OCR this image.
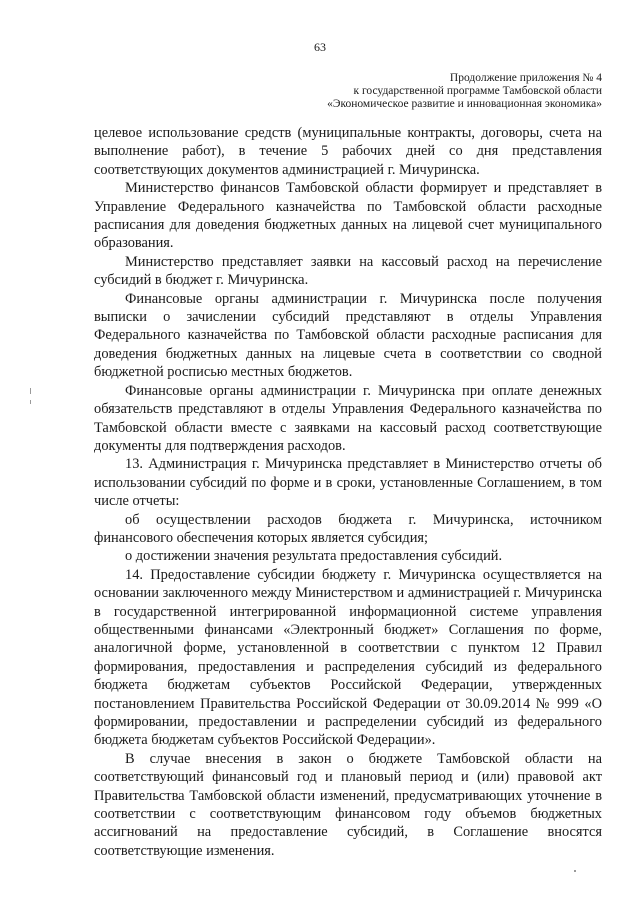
63
Продолжение приложения № 4
к государственной программе Тамбовской области
«Экономическое развитие и инновационная экономика»

целевое использование средств (муниципальные контракты, договоры, счета на выполнение работ), в течение 5 рабочих дней со дня представления соответствующих документов администрацией г. Мичуринска.

Министерство финансов Тамбовской области формирует и представляет в Управление Федерального казначейства по Тамбовской области расходные расписания для доведения бюджетных данных на лицевой счет муниципального образования.

Министерство представляет заявки на кассовый расход на перечисление субсидий в бюджет г. Мичуринска.

Финансовые органы администрации г. Мичуринска после получения выписки о зачислении субсидий представляют в отделы Управления Федерального казначейства по Тамбовской области расходные расписания для доведения бюджетных данных на лицевые счета в соответствии со сводной бюджетной росписью местных бюджетов.

Финансовые органы администрации г. Мичуринска при оплате денежных обязательств представляют в отделы Управления Федерального казначейства по Тамбовской области вместе с заявками на кассовый расход соответствующие документы для подтверждения расходов.

13. Администрация г. Мичуринска представляет в Министерство отчеты об использовании субсидий по форме и в сроки, установленные Соглашением, в том числе отчеты:

об осуществлении расходов бюджета г. Мичуринска, источником финансового обеспечения которых является субсидия;

о достижении значения результата предоставления субсидий.

14. Предоставление субсидии бюджету г. Мичуринска осуществляется на основании заключенного между Министерством и администрацией г. Мичуринска в государственной интегрированной информационной системе управления общественными финансами «Электронный бюджет» Соглашения по форме, аналогичной форме, установленной в соответствии с пунктом 12 Правил формирования, предоставления и распределения субсидий из федерального бюджета бюджетам субъектов Российской Федерации, утвержденных постановлением Правительства Российской Федерации от 30.09.2014 № 999 «О формировании, предоставлении и распределении субсидий из федерального бюджета бюджетам субъектов Российской Федерации».

В случае внесения в закон о бюджете Тамбовской области на соответствующий финансовый год и плановый период и (или) правовой акт Правительства Тамбовской области изменений, предусматривающих уточнение в соответствии с соответствующим финансовом году объемов бюджетных ассигнований на предоставление субсидий, в Соглашение вносятся соответствующие изменения.
